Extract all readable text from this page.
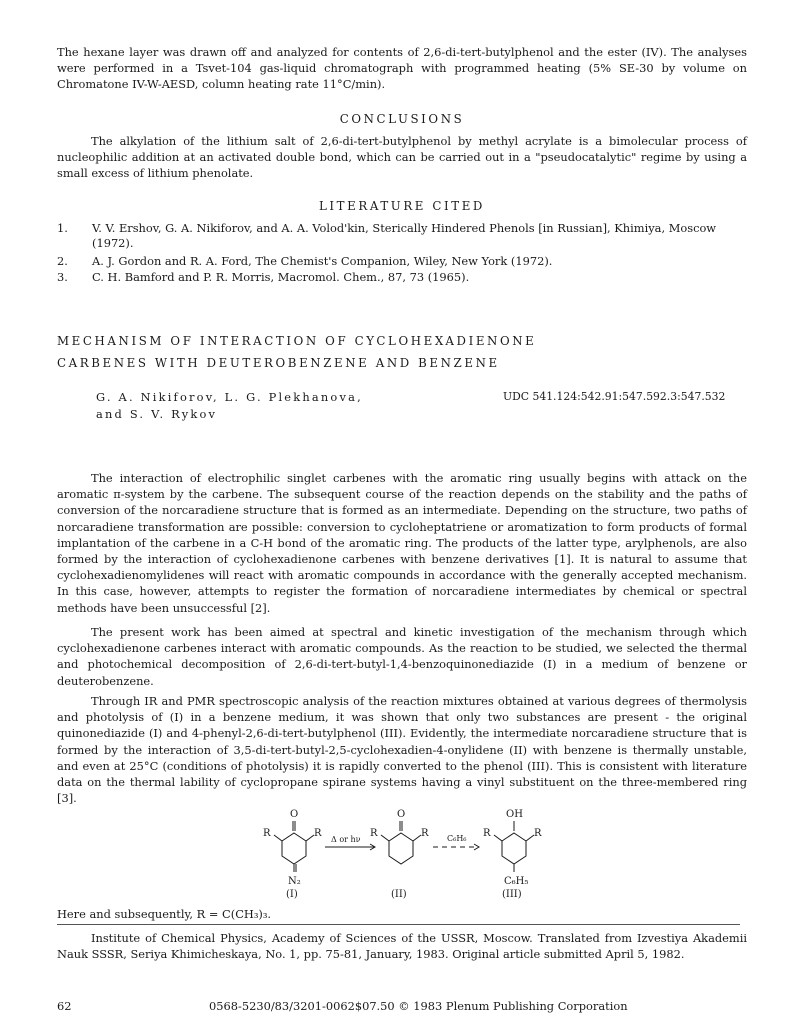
The hexane layer was drawn off and analyzed for contents of 2,6-di-tert-butylphenol and the ester (IV). The analyses were performed in a Tsvet-104 gas-liquid chromatograph with programmed heating (5% SE-30 by volume on Chromatone IV-W-AESD, column heating rate 11°C/min).
CONCLUSIONS
The alkylation of the lithium salt of 2,6-di-tert-butylphenol by methyl acrylate is a bimolecular process of nucleophilic addition at an activated double bond, which can be carried out in a "pseudocatalytic" regime by using a small excess of lithium phenolate.
LITERATURE CITED
1.	V. V. Ershov, G. A. Nikiforov, and A. A. Volod'kin, Sterically Hindered Phenols [in Russian], Khimiya, Moscow (1972).
2.	A. J. Gordon and R. A. Ford, The Chemist's Companion, Wiley, New York (1972).
3.	C. H. Bamford and P. R. Morris, Macromol. Chem., 87, 73 (1965).
MECHANISM OF INTERACTION OF CYCLOHEXADIENONE
CARBENES WITH DEUTEROBENZENE AND BENZENE
G. A. Nikiforov, L. G. Plekhanova,
and S. V. Rykov
UDC 541.124:542.91:547.592.3:547.532
The interaction of electrophilic singlet carbenes with the aromatic ring usually begins with attack on the aromatic π-system by the carbene. The subsequent course of the reaction depends on the stability and the paths of conversion of the norcaradiene structure that is formed as an intermediate. Depending on the structure, two paths of norcaradiene transformation are possible: conversion to cycloheptatriene or aromatization to form products of formal implantation of the carbene in a C-H bond of the aromatic ring. The products of the latter type, arylphenols, are also formed by the interaction of cyclohexadienone carbenes with benzene derivatives [1]. It is natural to assume that cyclohexadienomylidenes will react with aromatic compounds in accordance with the generally accepted mechanism. In this case, however, attempts to register the formation of norcaradiene intermediates by chemical or spectral methods have been unsuccessful [2].
The present work has been aimed at spectral and kinetic investigation of the mechanism through which cyclohexadienone carbenes interact with aromatic compounds. As the reaction to be studied, we selected the thermal and photochemical decomposition of 2,6-di-tert-butyl-1,4-benzoquinonediazide (I) in a medium of benzene or deuterobenzene.
Through IR and PMR spectroscopic analysis of the reaction mixtures obtained at various degrees of thermolysis and photolysis of (I) in a benzene medium, it was shown that only two substances are present - the original quinonediazide (I) and 4-phenyl-2,6-di-tert-butylphenol (III). Evidently, the intermediate norcaradiene structure that is formed by the interaction of 3,5-di-tert-butyl-2,5-cyclohexadien-4-onylidene (II) with benzene is thermally unstable, and even at 25°C (conditions of photolysis) it is rapidly converted to the phenol (III). This is consistent with literature data on the thermal lability of cyclopropane spirane systems having a vinyl substituent on the three-membered ring [3].
O
R	R
N₂
(I)
Δ or hν
O
R	R
(II)
C₆H₆
OH
R	R
C₆H₅
(III)
Here and subsequently, R = C(CH₃)₃.
Institute of Chemical Physics, Academy of Sciences of the USSR, Moscow. Translated from Izvestiya Akademii Nauk SSSR, Seriya Khimicheskaya, No. 1, pp. 75-81, January, 1983. Original article submitted April 5, 1982.
62	0568-5230/83/3201-0062$07.50 © 1983 Plenum Publishing Corporation
